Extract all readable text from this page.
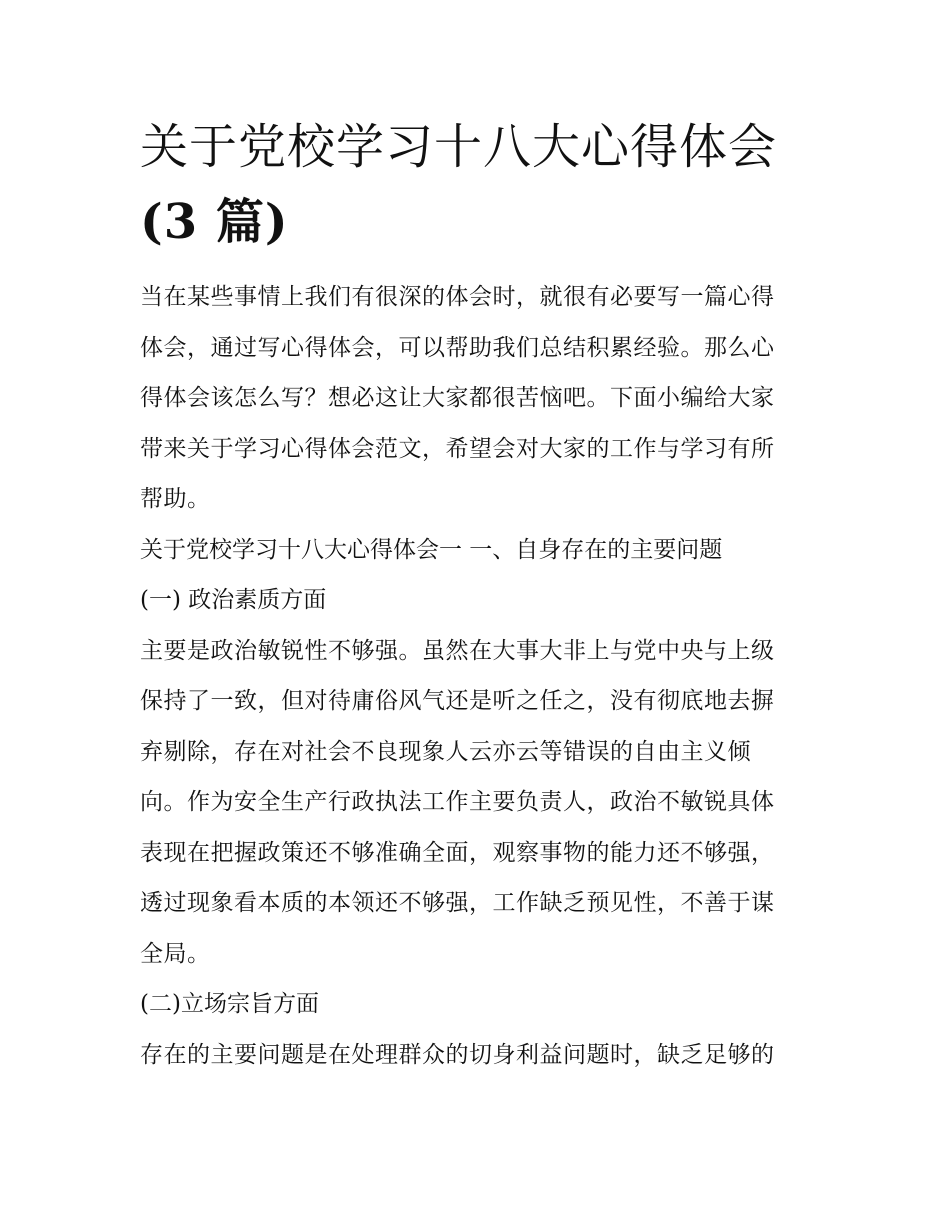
关于党校学习十八大心得体会
(3 篇)
当在某些事情上我们有很深的体会时，就很有必要写一篇心得
体会，通过写心得体会，可以帮助我们总结积累经验。那么心
得体会该怎么写？想必这让大家都很苦恼吧。下面小编给大家
带来关于学习心得体会范文，希望会对大家的工作与学习有所
帮助。

关于党校学习十八大心得体会一 一、自身存在的主要问题

(一) 政治素质方面

主要是政治敏锐性不够强。虽然在大事大非上与党中央与上级
保持了一致，但对待庸俗风气还是听之任之，没有彻底地去摒
弃剔除，存在对社会不良现象人云亦云等错误的自由主义倾
向。作为安全生产行政执法工作主要负责人，政治不敏锐具体
表现在把握政策还不够准确全面，观察事物的能力还不够强，
透过现象看本质的本领还不够强，工作缺乏预见性，不善于谋
全局。

(二)立场宗旨方面

存在的主要问题是在处理群众的切身利益问题时，缺乏足够的
